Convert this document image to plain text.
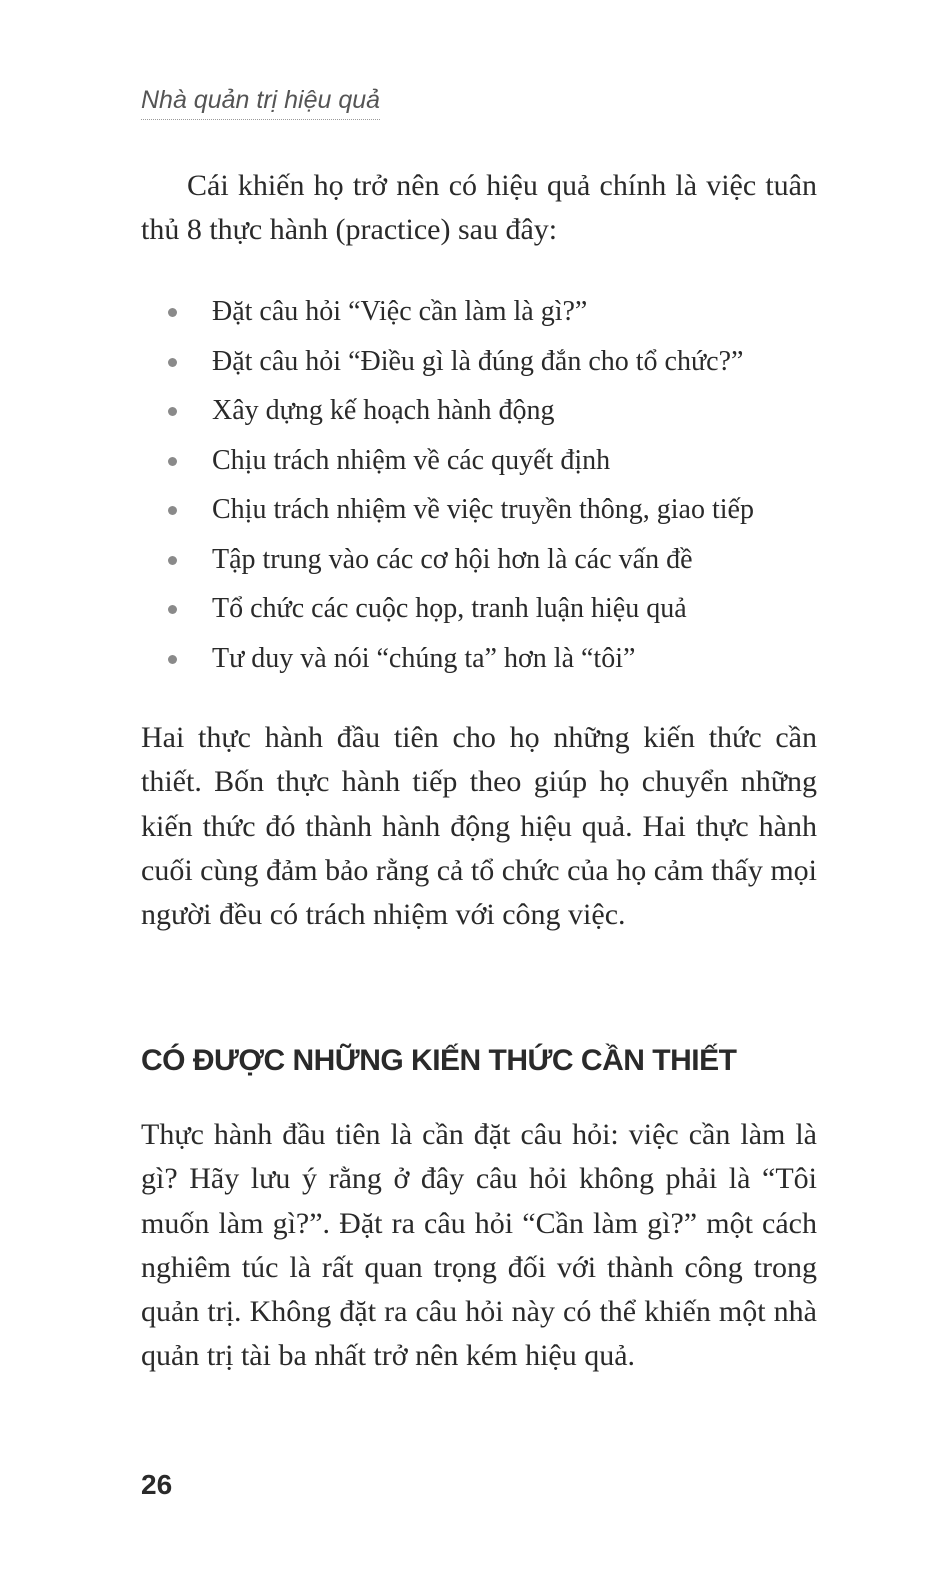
Nhà quản trị hiệu quả

Cái khiến họ trở nên có hiệu quả chính là việc tuân thủ 8 thực hành (practice) sau đây:

Đặt câu hỏi “Việc cần làm là gì?”
Đặt câu hỏi “Điều gì là đúng đắn cho tổ chức?”
Xây dựng kế hoạch hành động
Chịu trách nhiệm về các quyết định
Chịu trách nhiệm về việc truyền thông, giao tiếp
Tập trung vào các cơ hội hơn là các vấn đề
Tổ chức các cuộc họp, tranh luận hiệu quả
Tư duy và nói “chúng ta” hơn là “tôi”

Hai thực hành đầu tiên cho họ những kiến thức cần thiết. Bốn thực hành tiếp theo giúp họ chuyển những kiến thức đó thành hành động hiệu quả. Hai thực hành cuối cùng đảm bảo rằng cả tổ chức của họ cảm thấy mọi người đều có trách nhiệm với công việc.

CÓ ĐƯỢC NHỮNG KIẾN THỨC CẦN THIẾT

Thực hành đầu tiên là cần đặt câu hỏi: việc cần làm là gì? Hãy lưu ý rằng ở đây câu hỏi không phải là “Tôi muốn làm gì?”. Đặt ra câu hỏi “Cần làm gì?” một cách nghiêm túc là rất quan trọng đối với thành công trong quản trị. Không đặt ra câu hỏi này có thể khiến một nhà quản trị tài ba nhất trở nên kém hiệu quả.

26
